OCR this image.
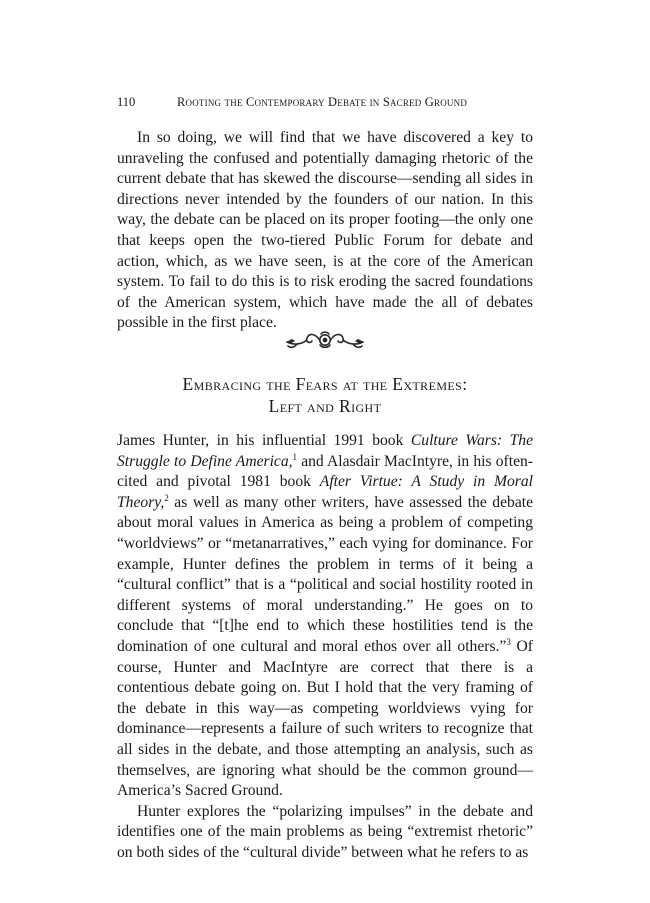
110	Rooting the Contemporary Debate in Sacred Ground

In so doing, we will find that we have discovered a key to unraveling the confused and potentially damaging rhetoric of the current debate that has skewed the discourse—sending all sides in directions never intended by the founders of our nation. In this way, the debate can be placed on its proper footing—the only one that keeps open the two-tiered Public Forum for debate and action, which, as we have seen, is at the core of the American system. To fail to do this is to risk eroding the sacred foundations of the American system, which have made the all of debates possible in the first place.

Embracing the Fears at the Extremes:
Left and Right

James Hunter, in his influential 1991 book Culture Wars: The Struggle to Define America,$^1$ and Alasdair MacIntyre, in his often-cited and pivotal 1981 book After Virtue: A Study in Moral Theory,$^2$ as well as many other writers, have assessed the debate about moral values in America as being a problem of competing “worldviews” or “metanarratives,” each vying for dominance. For example, Hunter defines the problem in terms of it being a “cultural conflict” that is a “political and social hostility rooted in different systems of moral understanding.” He goes on to conclude that “[t]he end to which these hostilities tend is the domination of one cultural and moral ethos over all others.”$^3$ Of course, Hunter and MacIntyre are correct that there is a contentious debate going on. But I hold that the very framing of the debate in this way—as competing worldviews vying for dominance—represents a failure of such writers to recognize that all sides in the debate, and those attempting an analysis, such as themselves, are ignoring what should be the common ground—America’s Sacred Ground.

Hunter explores the “polarizing impulses” in the debate and identifies one of the main problems as being “extremist rhetoric” on both sides of the “cultural divide” between what he refers to as
